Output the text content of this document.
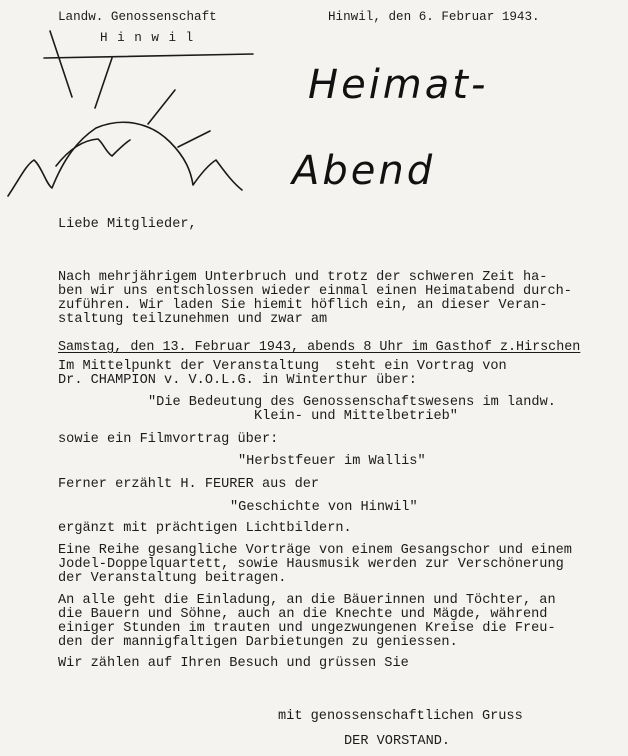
Landw. Genossenschaft
H i n w i l
Hinwil, den 6. Februar 1943.
Heimat-
Abend
Liebe Mitglieder,
Nach mehrjährigem Unterbruch und trotz der schweren Zeit ha-
ben wir uns entschlossen wieder einmal einen Heimatabend durch-
zuführen. Wir laden Sie hiemit höflich ein, an dieser Veran-
staltung teilzunehmen und zwar am
Samstag, den 13. Februar 1943, abends 8 Uhr im Gasthof z.Hirschen
Im Mittelpunkt der Veranstaltung  steht ein Vortrag von
Dr. CHAMPION v. V.O.L.G. in Winterthur über:
"Die Bedeutung des Genossenschaftswesens im landw.
Klein- und Mittelbetrieb"
sowie ein Filmvortrag über:
"Herbstfeuer im Wallis"
Ferner erzählt H. FEURER aus der
"Geschichte von Hinwil"
ergänzt mit prächtigen Lichtbildern.
Eine Reihe gesangliche Vorträge von einem Gesangschor und einem
Jodel-Doppelquartett, sowie Hausmusik werden zur Verschönerung
der Veranstaltung beitragen.
An alle geht die Einladung, an die Bäuerinnen und Töchter, an
die Bauern und Söhne, auch an die Knechte und Mägde, während
einiger Stunden im trauten und ungezwungenen Kreise die Freu-
den der mannigfaltigen Darbietungen zu geniessen.
Wir zählen auf Ihren Besuch und grüssen Sie
mit genossenschaftlichen Gruss
DER VORSTAND.
